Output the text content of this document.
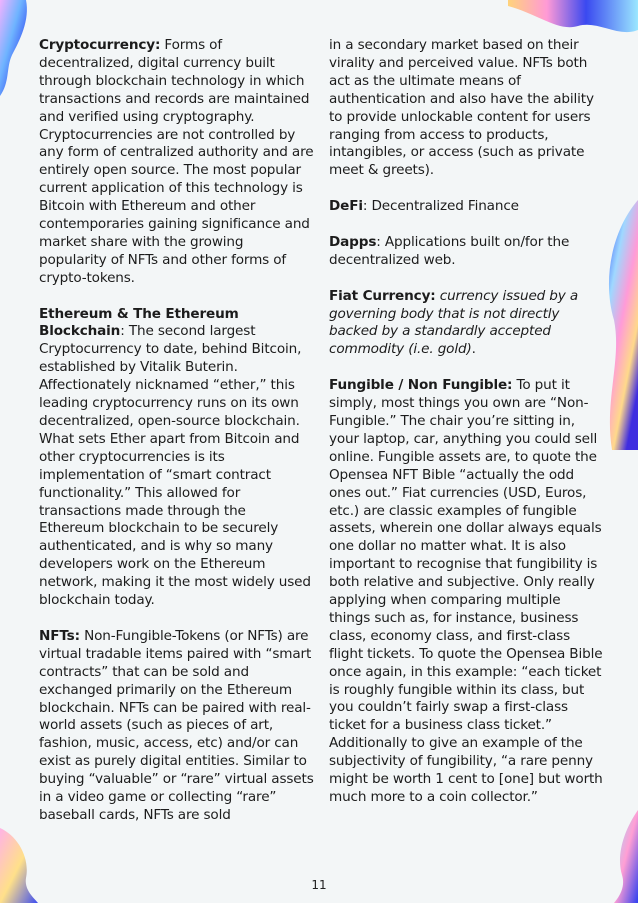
Cryptocurrency: Forms of decentralized, digital currency built through blockchain technology in which transactions and records are maintained and verified using cryptography. Cryptocurrencies are not controlled by any form of centralized authority and are entirely open source. The most popular current application of this technology is Bitcoin with Ethereum and other contemporaries gaining significance and market share with the growing popularity of NFTs and other forms of crypto-tokens.

Ethereum & The Ethereum Blockchain: The second largest Cryptocurrency to date, behind Bitcoin, established by Vitalik Buterin. Affectionately nicknamed “ether,” this leading cryptocurrency runs on its own decentralized, open-source blockchain. What sets Ether apart from Bitcoin and other cryptocurrencies is its implementation of “smart contract functionality.” This allowed for transactions made through the Ethereum blockchain to be securely authenticated, and is why so many developers work on the Ethereum network, making it the most widely used blockchain today.

NFTs: Non-Fungible-Tokens (or NFTs) are virtual tradable items paired with “smart contracts” that can be sold and exchanged primarily on the Ethereum blockchain. NFTs can be paired with real-world assets (such as pieces of art, fashion, music, access, etc) and/or can exist as purely digital entities. Similar to buying “valuable” or “rare” virtual assets in a video game or collecting “rare” baseball cards, NFTs are sold

in a secondary market based on their virality and perceived value. NFTs both act as the ultimate means of authentication and also have the ability to provide unlockable content for users ranging from access to products, intangibles, or access (such as private meet & greets).

DeFi: Decentralized Finance

Dapps: Applications built on/for the decentralized web.

Fiat Currency: currency issued by a governing body that is not directly backed by a standardly accepted commodity (i.e. gold).

Fungible / Non Fungible: To put it simply, most things you own are “Non-Fungible.” The chair you’re sitting in, your laptop, car, anything you could sell online. Fungible assets are, to quote the Opensea NFT Bible “actually the odd ones out.” Fiat currencies (USD, Euros, etc.) are classic examples of fungible assets, wherein one dollar always equals one dollar no matter what. It is also important to recognise that fungibility is both relative and subjective. Only really applying when comparing multiple things such as, for instance, business class, economy class, and first-class flight tickets. To quote the Opensea Bible once again, in this example: “each ticket is roughly fungible within its class, but you couldn’t fairly swap a first-class ticket for a business class ticket.” Additionally to give an example of the subjectivity of fungibility, “a rare penny might be worth 1 cent to [one] but worth much more to a coin collector.”

11
